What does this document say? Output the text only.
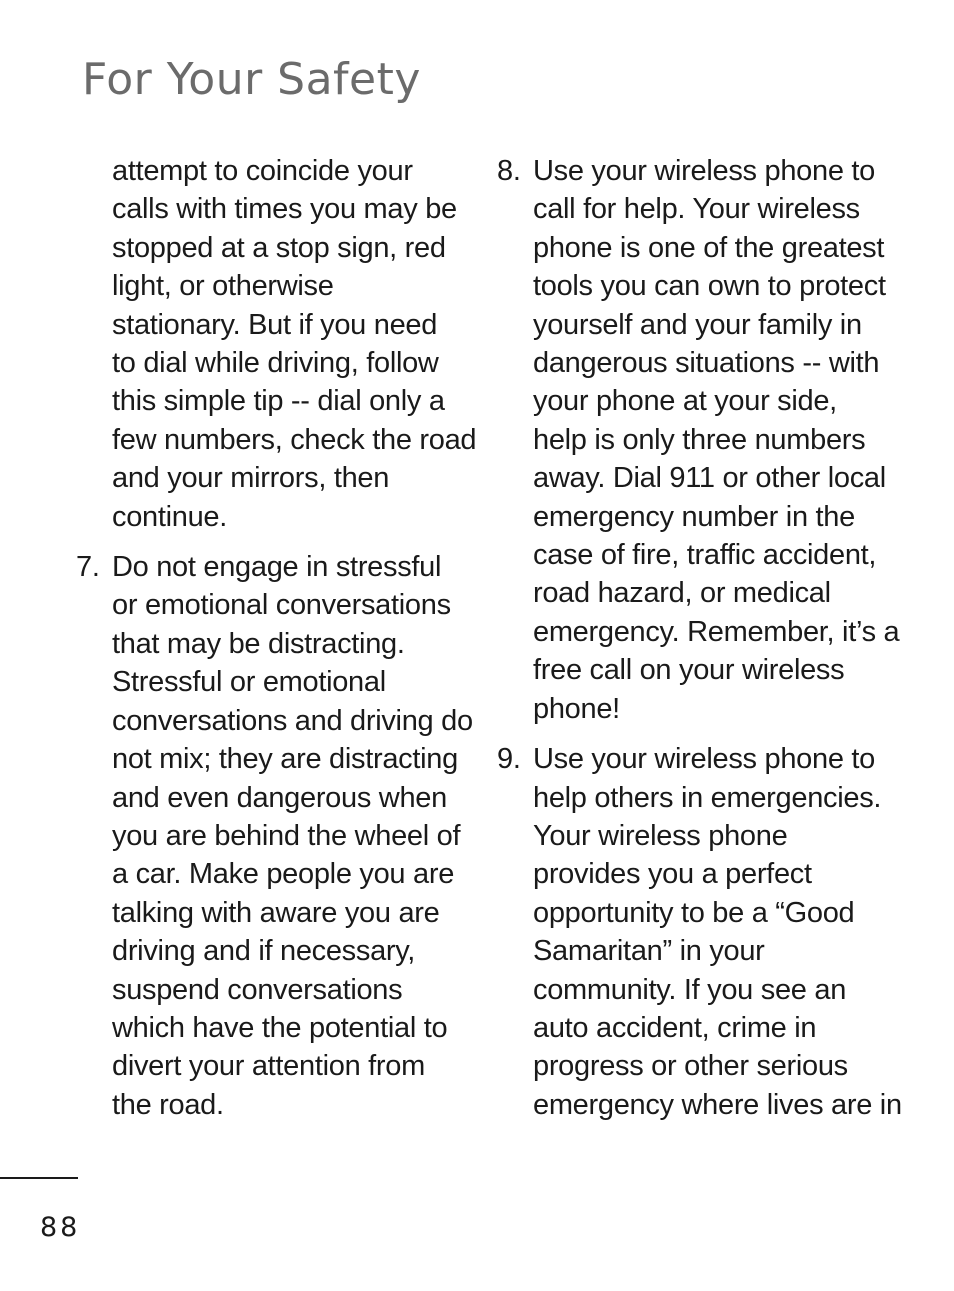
For Your Safety

attempt to coincide your
calls with times you may be
stopped at a stop sign, red
light, or otherwise
stationary. But if you need
to dial while driving, follow
this simple tip -- dial only a
few numbers, check the road
and your mirrors, then
continue.

7. Do not engage in stressful
or emotional conversations
that may be distracting.
Stressful or emotional
conversations and driving do
not mix; they are distracting
and even dangerous when
you are behind the wheel of
a car. Make people you are
talking with aware you are
driving and if necessary,
suspend conversations
which have the potential to
divert your attention from
the road.
8. Use your wireless phone to
call for help. Your wireless
phone is one of the greatest
tools you can own to protect
yourself and your family in
dangerous situations -- with
your phone at your side,
help is only three numbers
away. Dial 911 or other local
emergency number in the
case of fire, traffic accident,
road hazard, or medical
emergency. Remember, it’s a
free call on your wireless
phone!
9. Use your wireless phone to
help others in emergencies.
Your wireless phone
provides you a perfect
opportunity to be a “Good
Samaritan” in your
community. If you see an
auto accident, crime in
progress or other serious
emergency where lives are in
88
